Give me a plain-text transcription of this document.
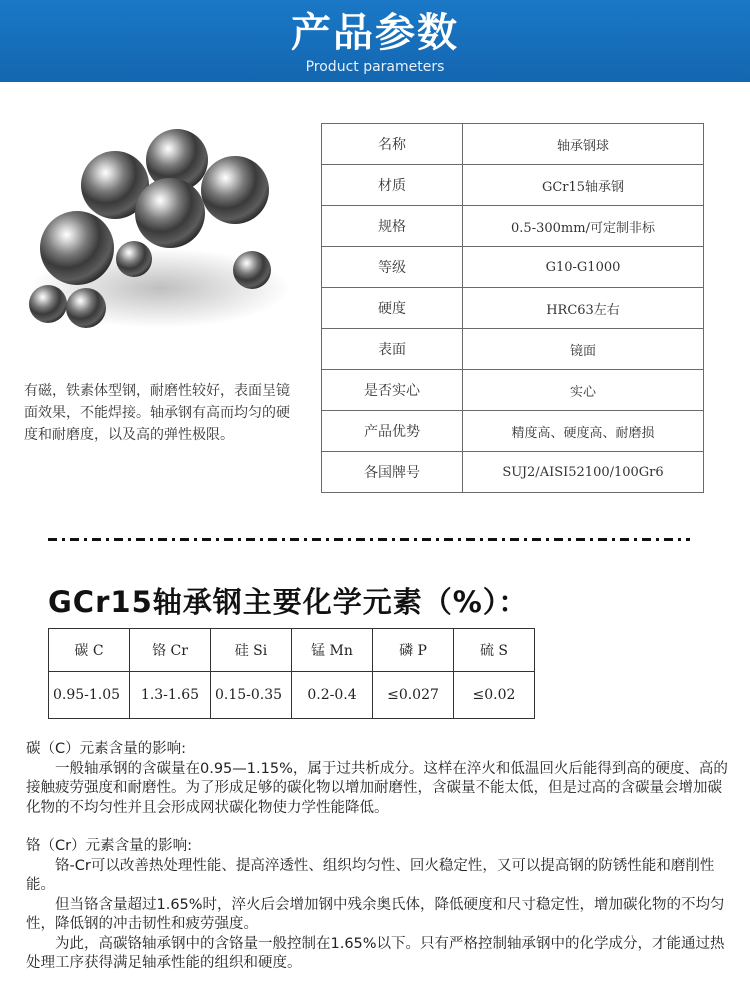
产品参数
Product parameters
有磁，铁素体型钢，耐磨性较好，表面呈镜面效果，不能焊接。轴承钢有高而均匀的硬度和耐磨度，以及高的弹性极限。
名称	轴承钢球
材质	GCr15轴承钢
规格	0.5-300mm/可定制非标
等级	G10-G1000
硬度	HRC63左右
表面	镜面
是否实心	实心
产品优势	精度高、硬度高、耐磨损
各国牌号	SUJ2/AISI52100/100Gr6
GCr15轴承钢主要化学元素（%）：
碳 C	铬 Cr	硅 Si	锰 Mn	磷 P	硫 S
0.95-1.05	1.3-1.65	0.15-0.35	0.2-0.4	≤0.027	≤0.02

碳（C）元素含量的影响:

一般轴承钢的含碳量在0.95—1.15%，属于过共析成分。这样在淬火和低温回火后能得到高的硬度、高的接触疲劳强度和耐磨性。为了形成足够的碳化物以增加耐磨性，含碳量不能太低，但是过高的含碳量会增加碳化物的不均匀性并且会形成网状碳化物使力学性能降低。

铬（Cr）元素含量的影响:

铬-Cr可以改善热处理性能、提高淬透性、组织均匀性、回火稳定性，又可以提高钢的防锈性能和磨削性能。

但当铬含量超过1.65%时，淬火后会增加钢中残余奥氏体，降低硬度和尺寸稳定性，增加碳化物的不均匀性，降低钢的冲击韧性和疲劳强度。

为此，高碳铬轴承钢中的含铬量一般控制在1.65%以下。只有严格控制轴承钢中的化学成分，才能通过热处理工序获得满足轴承性能的组织和硬度。
